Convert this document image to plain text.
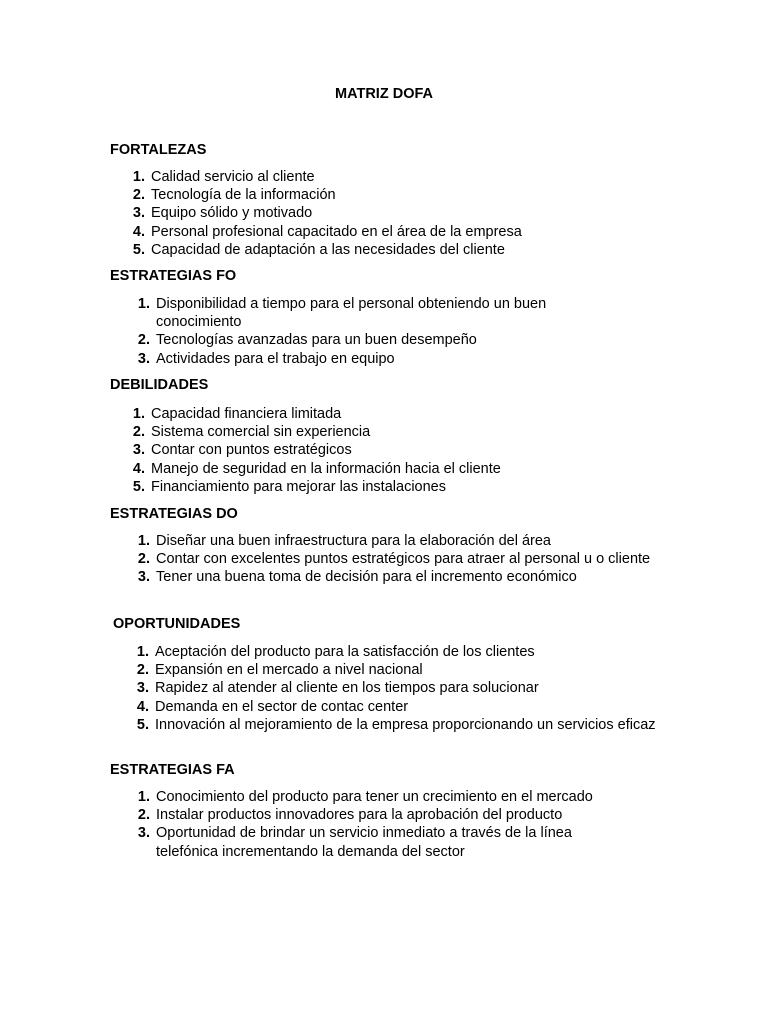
MATRIZ DOFA
FORTALEZAS
1. Calidad servicio al cliente
2. Tecnología de la información
3. Equipo sólido y motivado
4. Personal profesional capacitado en el área de la empresa
5. Capacidad de adaptación a las necesidades del cliente
ESTRATEGIAS FO
1. Disponibilidad a tiempo para el personal obteniendo un buen conocimiento
2. Tecnologías avanzadas para un buen desempeño
3. Actividades para el trabajo en equipo
DEBILIDADES
1. Capacidad financiera limitada
2. Sistema comercial sin experiencia
3. Contar con puntos estratégicos
4. Manejo de seguridad en la información hacia el cliente
5. Financiamiento para mejorar las instalaciones
ESTRATEGIAS DO
1. Diseñar una buen infraestructura para la elaboración del área
2. Contar con excelentes puntos estratégicos para atraer al personal u o cliente
3. Tener una buena toma de decisión para el incremento económico
OPORTUNIDADES
1. Aceptación del producto para la satisfacción de los clientes
2. Expansión en el mercado a nivel nacional
3. Rapidez al atender al cliente en los tiempos para solucionar
4. Demanda en el sector de contac center
5. Innovación al mejoramiento de la empresa proporcionando un servicios eficaz
ESTRATEGIAS FA
1. Conocimiento del producto para tener un crecimiento en el mercado
2. Instalar productos innovadores para la aprobación del producto
3. Oportunidad de brindar un servicio inmediato a través de la línea telefónica incrementando la demanda del sector
